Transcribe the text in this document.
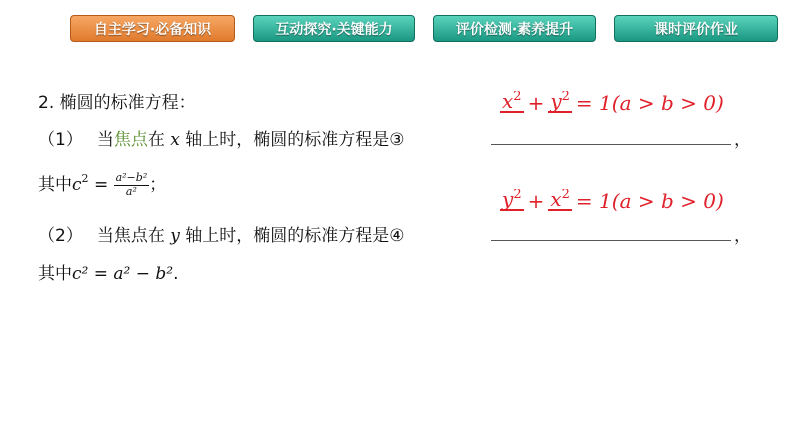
自主学习·必备知识	互动探究·关键能力	评价检测·素养提升	课时评价作业
2. 椭圆的标准方程：
（1） 当焦点在 x 轴上时，椭圆的标准方程是③	，
$x^2 + y^2 = 1(a > b > 0)$
其中$c^2 = \frac{\text{a²−b²}}{\text{a²}}$ ；
（2） 当焦点在 y 轴上时，椭圆的标准方程是④	，
$y^2 + x^2 = 1(a > b > 0)$
其中c² = a² − b².
